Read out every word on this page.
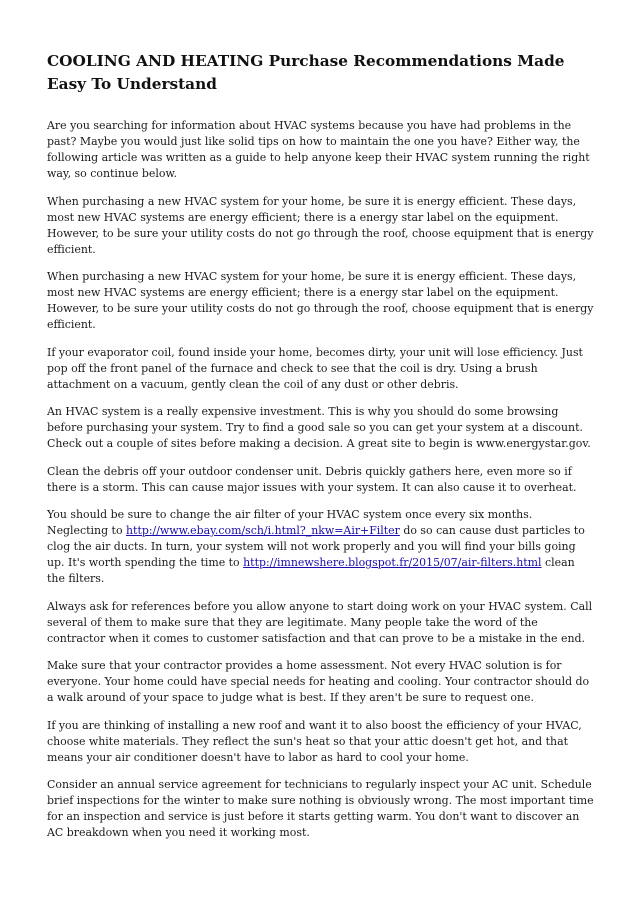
COOLING AND HEATING Purchase Recommendations Made Easy To Understand

Are you searching for information about HVAC systems because you have had problems in the past? Maybe you would just like solid tips on how to maintain the one you have? Either way, the following article was written as a guide to help anyone keep their HVAC system running the right way, so continue below.

When purchasing a new HVAC system for your home, be sure it is energy efficient. These days, most new HVAC systems are energy efficient; there is a energy star label on the equipment. However, to be sure your utility costs do not go through the roof, choose equipment that is energy efficient.

When purchasing a new HVAC system for your home, be sure it is energy efficient. These days, most new HVAC systems are energy efficient; there is a energy star label on the equipment. However, to be sure your utility costs do not go through the roof, choose equipment that is energy efficient.

If your evaporator coil, found inside your home, becomes dirty, your unit will lose efficiency. Just pop off the front panel of the furnace and check to see that the coil is dry. Using a brush attachment on a vacuum, gently clean the coil of any dust or other debris.

An HVAC system is a really expensive investment. This is why you should do some browsing before purchasing your system. Try to find a good sale so you can get your system at a discount. Check out a couple of sites before making a decision. A great site to begin is www.energystar.gov.

Clean the debris off your outdoor condenser unit. Debris quickly gathers here, even more so if there is a storm. This can cause major issues with your system. It can also cause it to overheat.

You should be sure to change the air filter of your HVAC system once every six months. Neglecting to http://www.ebay.com/sch/i.html?_nkw=Air+Filter do so can cause dust particles to clog the air ducts. In turn, your system will not work properly and you will find your bills going up. It's worth spending the time to http://imnewshere.blogspot.fr/2015/07/air-filters.html clean the filters.

Always ask for references before you allow anyone to start doing work on your HVAC system. Call several of them to make sure that they are legitimate. Many people take the word of the contractor when it comes to customer satisfaction and that can prove to be a mistake in the end.

Make sure that your contractor provides a home assessment. Not every HVAC solution is for everyone. Your home could have special needs for heating and cooling. Your contractor should do a walk around of your space to judge what is best. If they aren't be sure to request one.

If you are thinking of installing a new roof and want it to also boost the efficiency of your HVAC, choose white materials. They reflect the sun's heat so that your attic doesn't get hot, and that means your air conditioner doesn't have to labor as hard to cool your home.

Consider an annual service agreement for technicians to regularly inspect your AC unit. Schedule brief inspections for the winter to make sure nothing is obviously wrong. The most important time for an inspection and service is just before it starts getting warm. You don't want to discover an AC breakdown when you need it working most.
